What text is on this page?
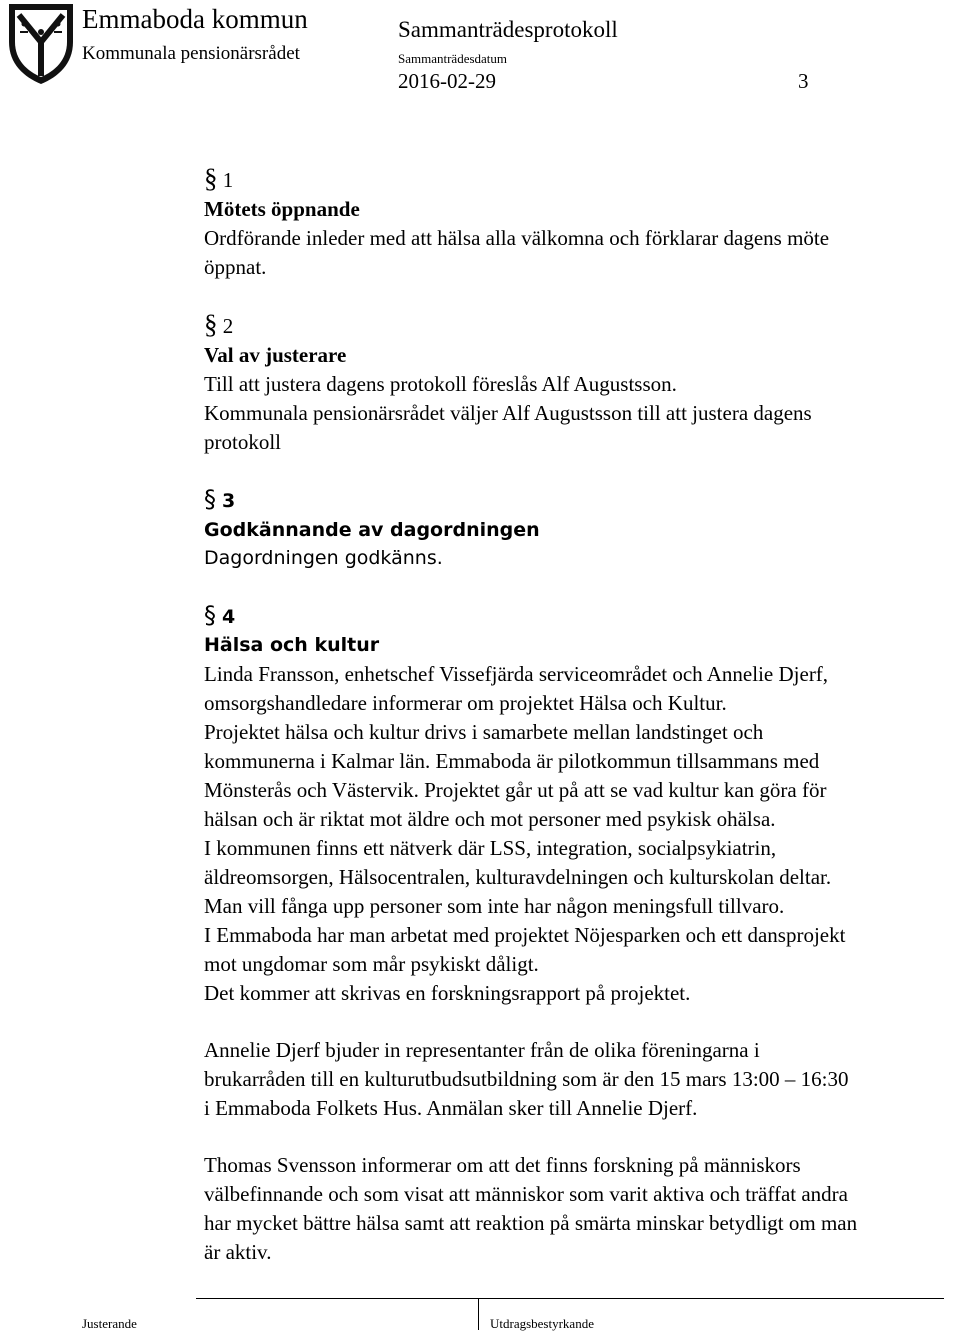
Emmaboda kommun
Kommunala pensionärsrådet
Sammanträdesprotokoll
Sammanträdesdatum
2016-02-29	3
§ 1
Mötets öppnande
Ordförande inleder med att hälsa alla välkomna och förklarar dagens möte
öppnat.
§ 2
Val av justerare
Till att justera dagens protokoll föreslås Alf Augustsson.
Kommunala pensionärsrådet väljer Alf Augustsson till att justera dagens
protokoll
§ 3
Godkännande av dagordningen
Dagordningen godkänns.
§ 4
Hälsa och kultur
Linda Fransson, enhetschef Vissefjärda serviceområdet och Annelie Djerf,
omsorgshandledare informerar om projektet Hälsa och Kultur.
Projektet hälsa och kultur drivs i samarbete mellan landstinget och
kommunerna i Kalmar län. Emmaboda är pilotkommun tillsammans med
Mönsterås och Västervik. Projektet går ut på att se vad kultur kan göra för
hälsan och är riktat mot äldre och mot personer med psykisk ohälsa.
I kommunen finns ett nätverk där LSS, integration, socialpsykiatrin,
äldreomsorgen, Hälsocentralen, kulturavdelningen och kulturskolan deltar.
Man vill fånga upp personer som inte har någon meningsfull tillvaro.
I Emmaboda har man arbetat med projektet Nöjesparken och ett dansprojekt
mot ungdomar som mår psykiskt dåligt.
Det kommer att skrivas en forskningsrapport på projektet.
Annelie Djerf bjuder in representanter från de olika föreningarna i
brukarråden till en kulturutbudsutbildning som är den 15 mars 13:00 – 16:30
i Emmaboda Folkets Hus. Anmälan sker till Annelie Djerf.
Thomas Svensson informerar om att det finns forskning på människors
välbefinnande och som visat att människor som varit aktiva och träffat andra
har mycket bättre hälsa samt att reaktion på smärta minskar betydligt om man
är aktiv.
Justerande	Utdragsbestyrkande
